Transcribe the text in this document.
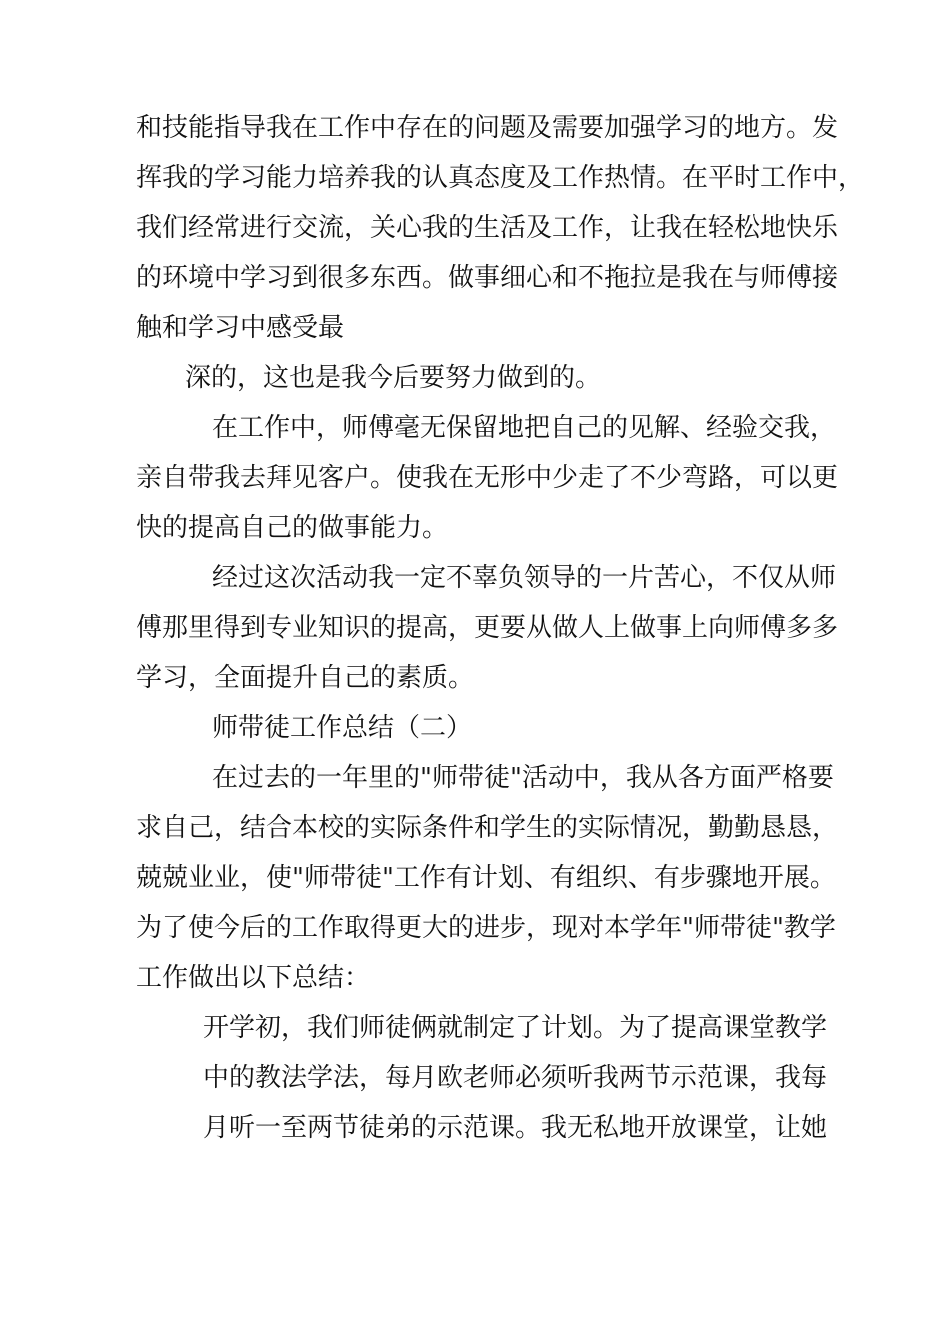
和技能指导我在工作中存在的问题及需要加强学习的地方。发
挥我的学习能力培养我的认真态度及工作热情。在平时工作中，
我们经常进行交流，关心我的生活及工作，让我在轻松地快乐
的环境中学习到很多东西。做事细心和不拖拉是我在与师傅接
触和学习中感受最
深的，这也是我今后要努力做到的。
在工作中，师傅毫无保留地把自己的见解、经验交我，
亲自带我去拜见客户。使我在无形中少走了不少弯路，可以更
快的提高自己的做事能力。
经过这次活动我一定不辜负领导的一片苦心，不仅从师
傅那里得到专业知识的提高，更要从做人上做事上向师傅多多
学习，全面提升自己的素质。
师带徒工作总结（二）
在过去的一年里的"师带徒"活动中，我从各方面严格要
求自己，结合本校的实际条件和学生的实际情况，勤勤恳恳，
兢兢业业，使"师带徒"工作有计划、有组织、有步骤地开展。
为了使今后的工作取得更大的进步，现对本学年"师带徒"教学
工作做出以下总结：
开学初，我们师徒俩就制定了计划。为了提高课堂教学
中的教法学法，每月欧老师必须听我两节示范课，我每
月听一至两节徒弟的示范课。我无私地开放课堂，让她
